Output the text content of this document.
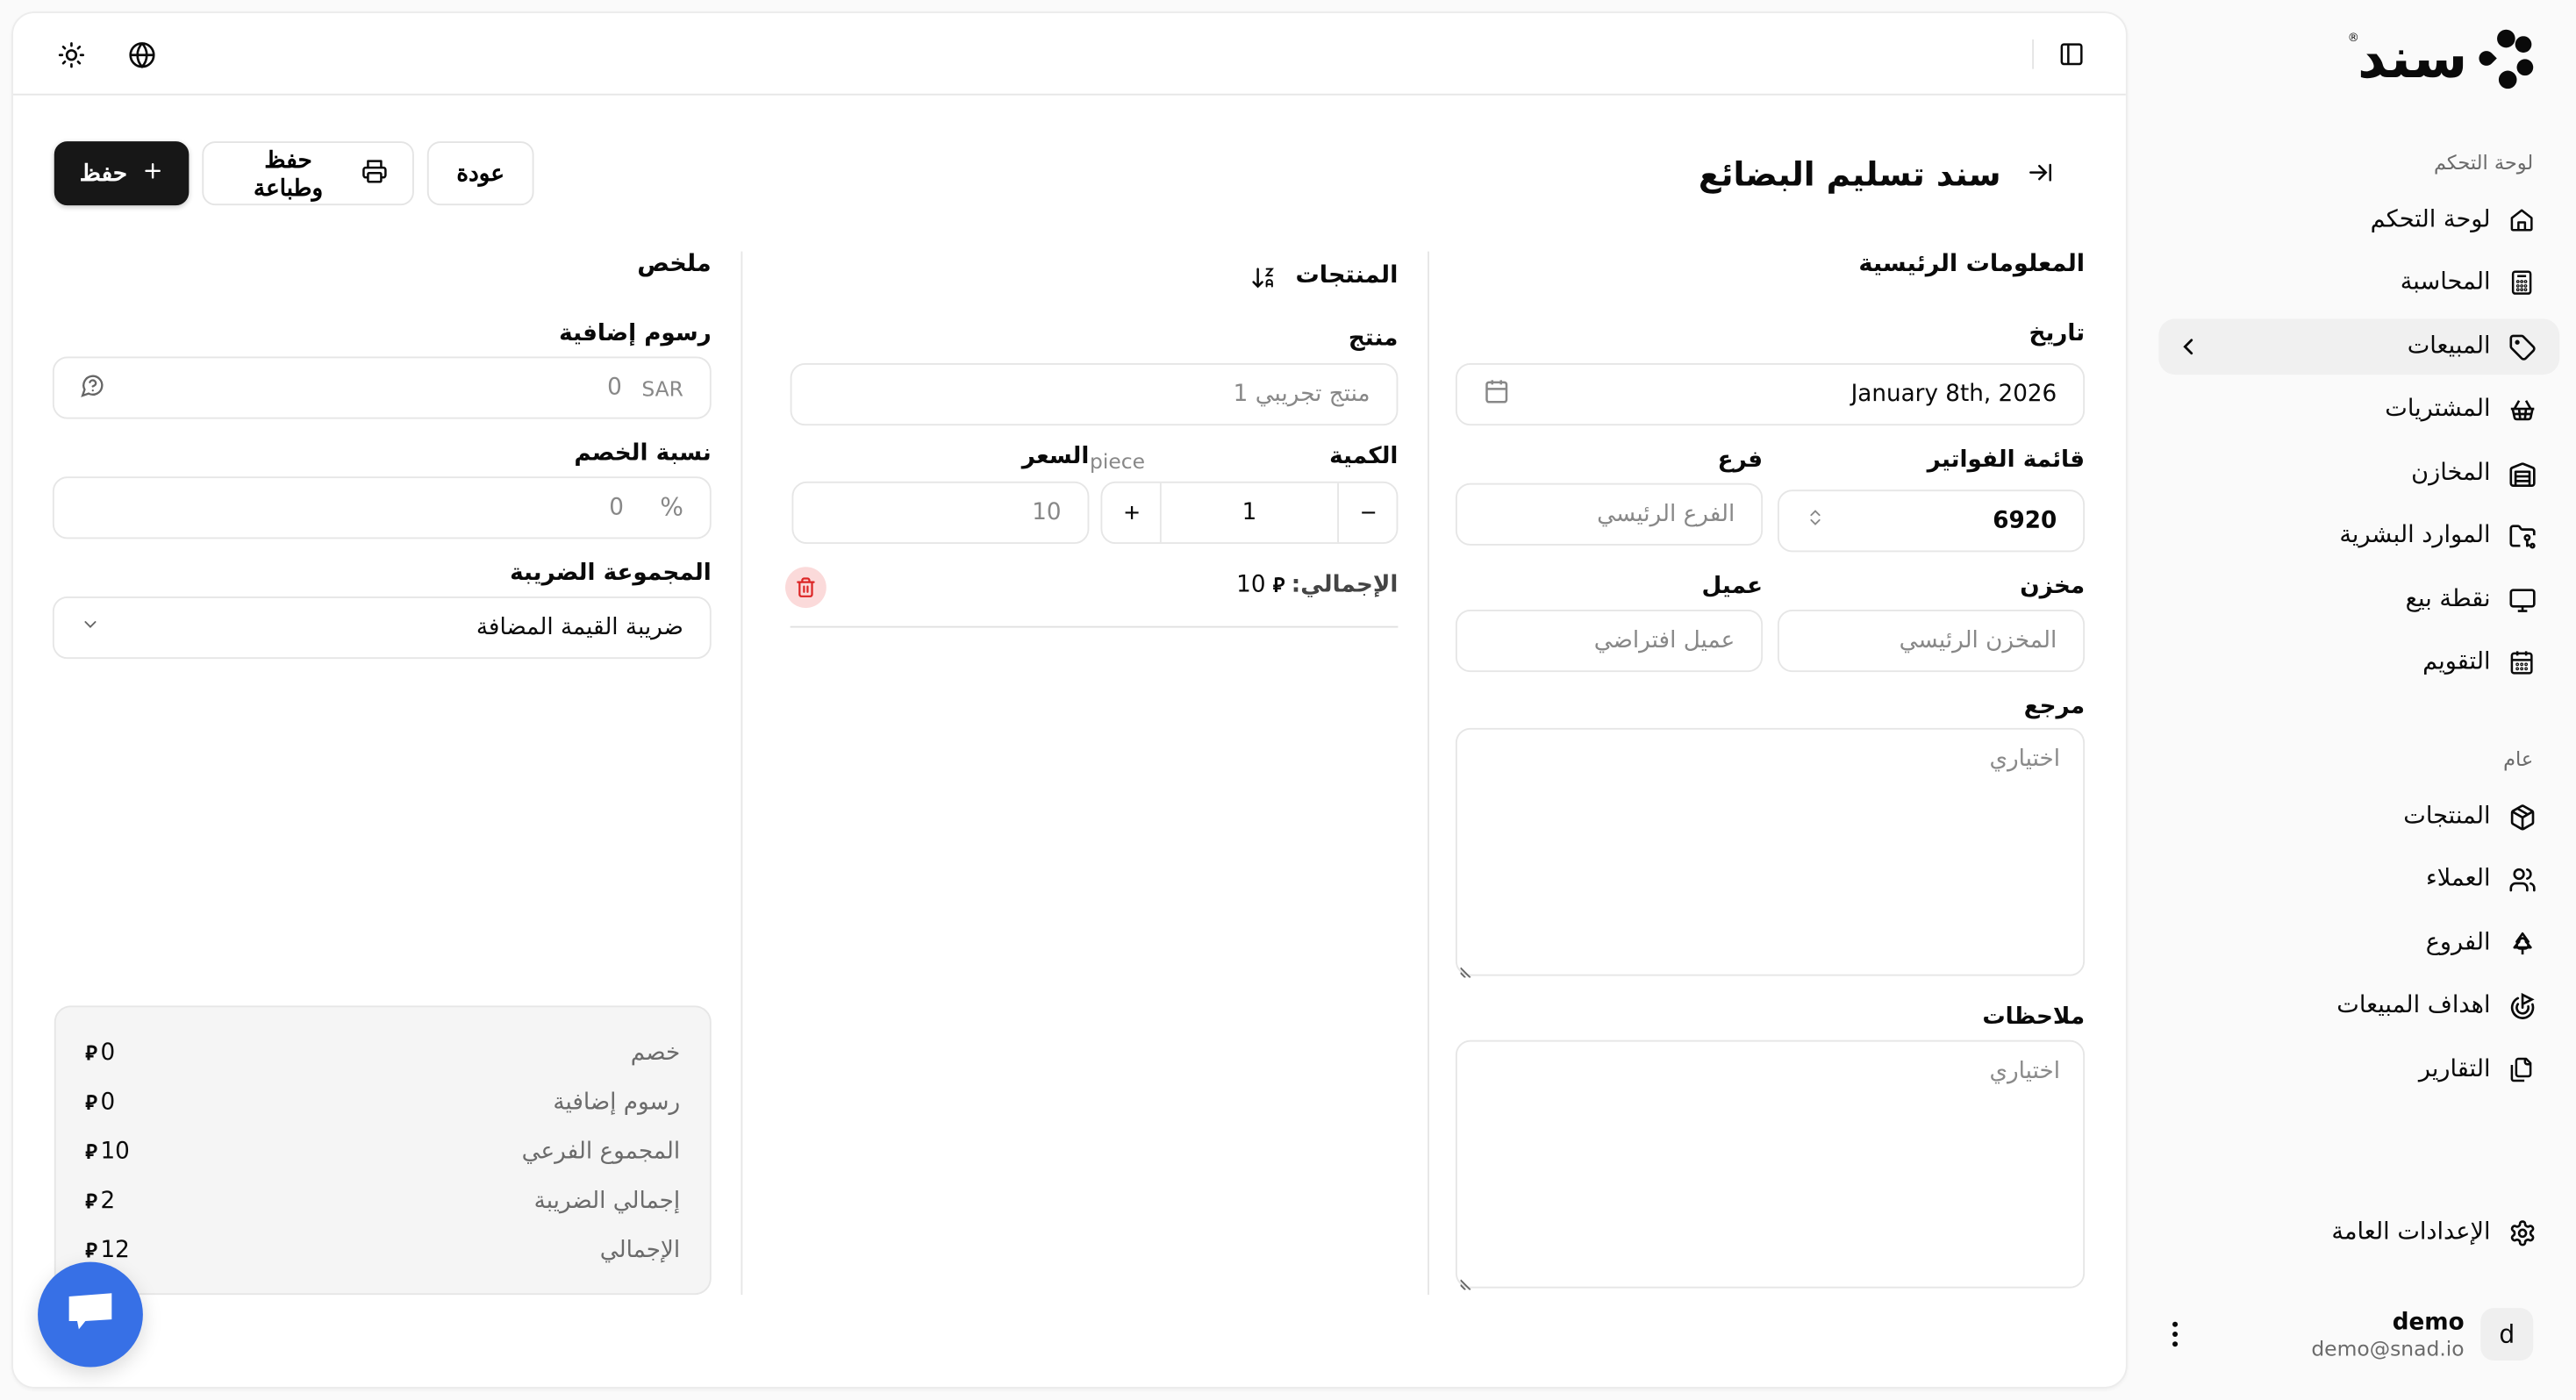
سند
®
لوحة التحكم
لوحة التحكم
المحاسبة
المبيعات
المشتريات
المخازن
الموارد البشرية
نقطة بيع
التقويم
عام
المنتجات
العملاء
الفروع
اهداف المبيعات
التقارير
الإعدادات العامة
d
demo
demo@snad.io
سند تسليم البضائع
حفظ
حفظ وطباعة
عودة
المعلومات الرئيسية
تاريخ
January 8th, 2026
قائمة الفواتير
6920
فرع
الفرع الرئيسي
مخزن
المخزن الرئيسي
عميل
عميل افتراضي
مرجع
اختياري
ملاحظات
اختياري
المنتجات
منتج
منتج تجريبي 1
الكمية
piece
1
السعر
10
الإجمالي:
10 ⃁
ملخص
رسوم إضافية
SAR
0
نسبة الخصم
%
0
المجموعة الضريبة
ضريبة القيمة المضافة
خصم
⃁ 0
رسوم إضافية
⃁ 0
المجموع الفرعي
⃁ 10
إجمالي الضريبة
⃁ 2
الإجمالي
⃁ 12
